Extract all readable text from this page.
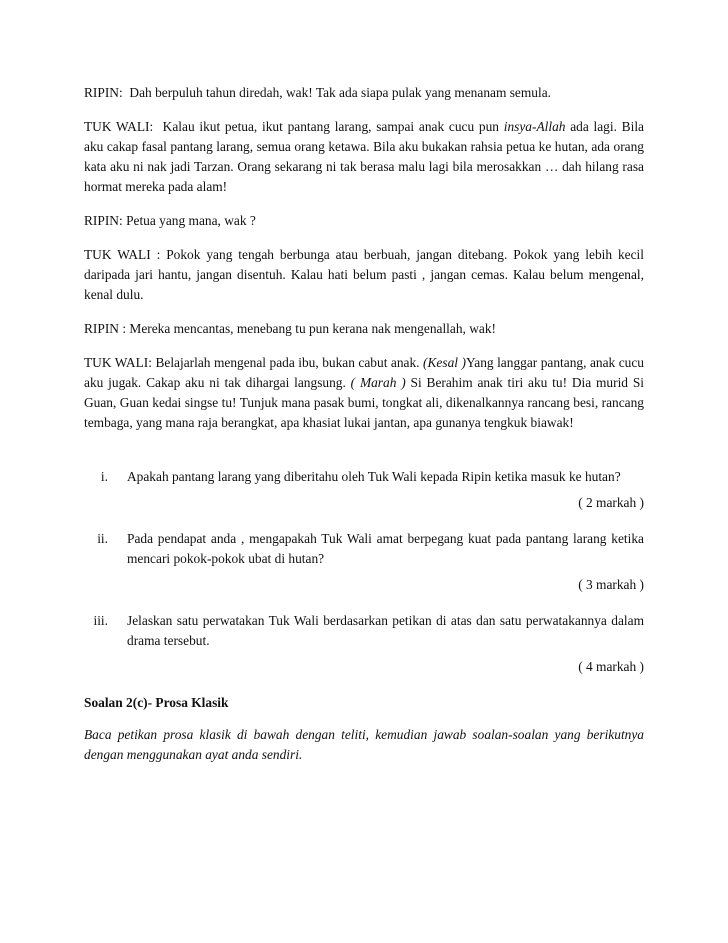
RIPIN: Dah berpuluh tahun diredah, wak! Tak ada siapa pulak yang menanam semula.

TUK WALI: Kalau ikut petua, ikut pantang larang, sampai anak cucu pun insya-Allah ada lagi. Bila aku cakap fasal pantang larang, semua orang ketawa. Bila aku bukakan rahsia petua ke hutan, ada orang kata aku ni nak jadi Tarzan. Orang sekarang ni tak berasa malu lagi bila merosakkan … dah hilang rasa hormat mereka pada alam!

RIPIN: Petua yang mana, wak ?

TUK WALI : Pokok yang tengah berbunga atau berbuah, jangan ditebang. Pokok yang lebih kecil daripada jari hantu, jangan disentuh. Kalau hati belum pasti , jangan cemas. Kalau belum mengenal, kenal dulu.

RIPIN : Mereka mencantas, menebang tu pun kerana nak mengenallah, wak!

TUK WALI: Belajarlah mengenal pada ibu, bukan cabut anak. (Kesal )Yang langgar pantang, anak cucu aku jugak. Cakap aku ni tak dihargai langsung. ( Marah ) Si Berahim anak tiri aku tu! Dia murid Si Guan, Guan kedai singse tu! Tunjuk mana pasak bumi, tongkat ali, dikenalkannya rancang besi, rancang tembaga, yang mana raja berangkat, apa khasiat lukai jantan, apa gunanya tengkuk biawak!

i. Apakah pantang larang yang diberitahu oleh Tuk Wali kepada Ripin ketika masuk ke hutan?

( 2 markah )

ii. Pada pendapat anda , mengapakah Tuk Wali amat berpegang kuat pada pantang larang ketika mencari pokok-pokok ubat di hutan?

( 3 markah )

iii. Jelaskan satu perwatakan Tuk Wali berdasarkan petikan di atas dan satu perwatakannya dalam drama tersebut.

( 4 markah )

Soalan 2(c)- Prosa Klasik

Baca petikan prosa klasik di bawah dengan teliti, kemudian jawab soalan-soalan yang berikutnya dengan menggunakan ayat anda sendiri.
